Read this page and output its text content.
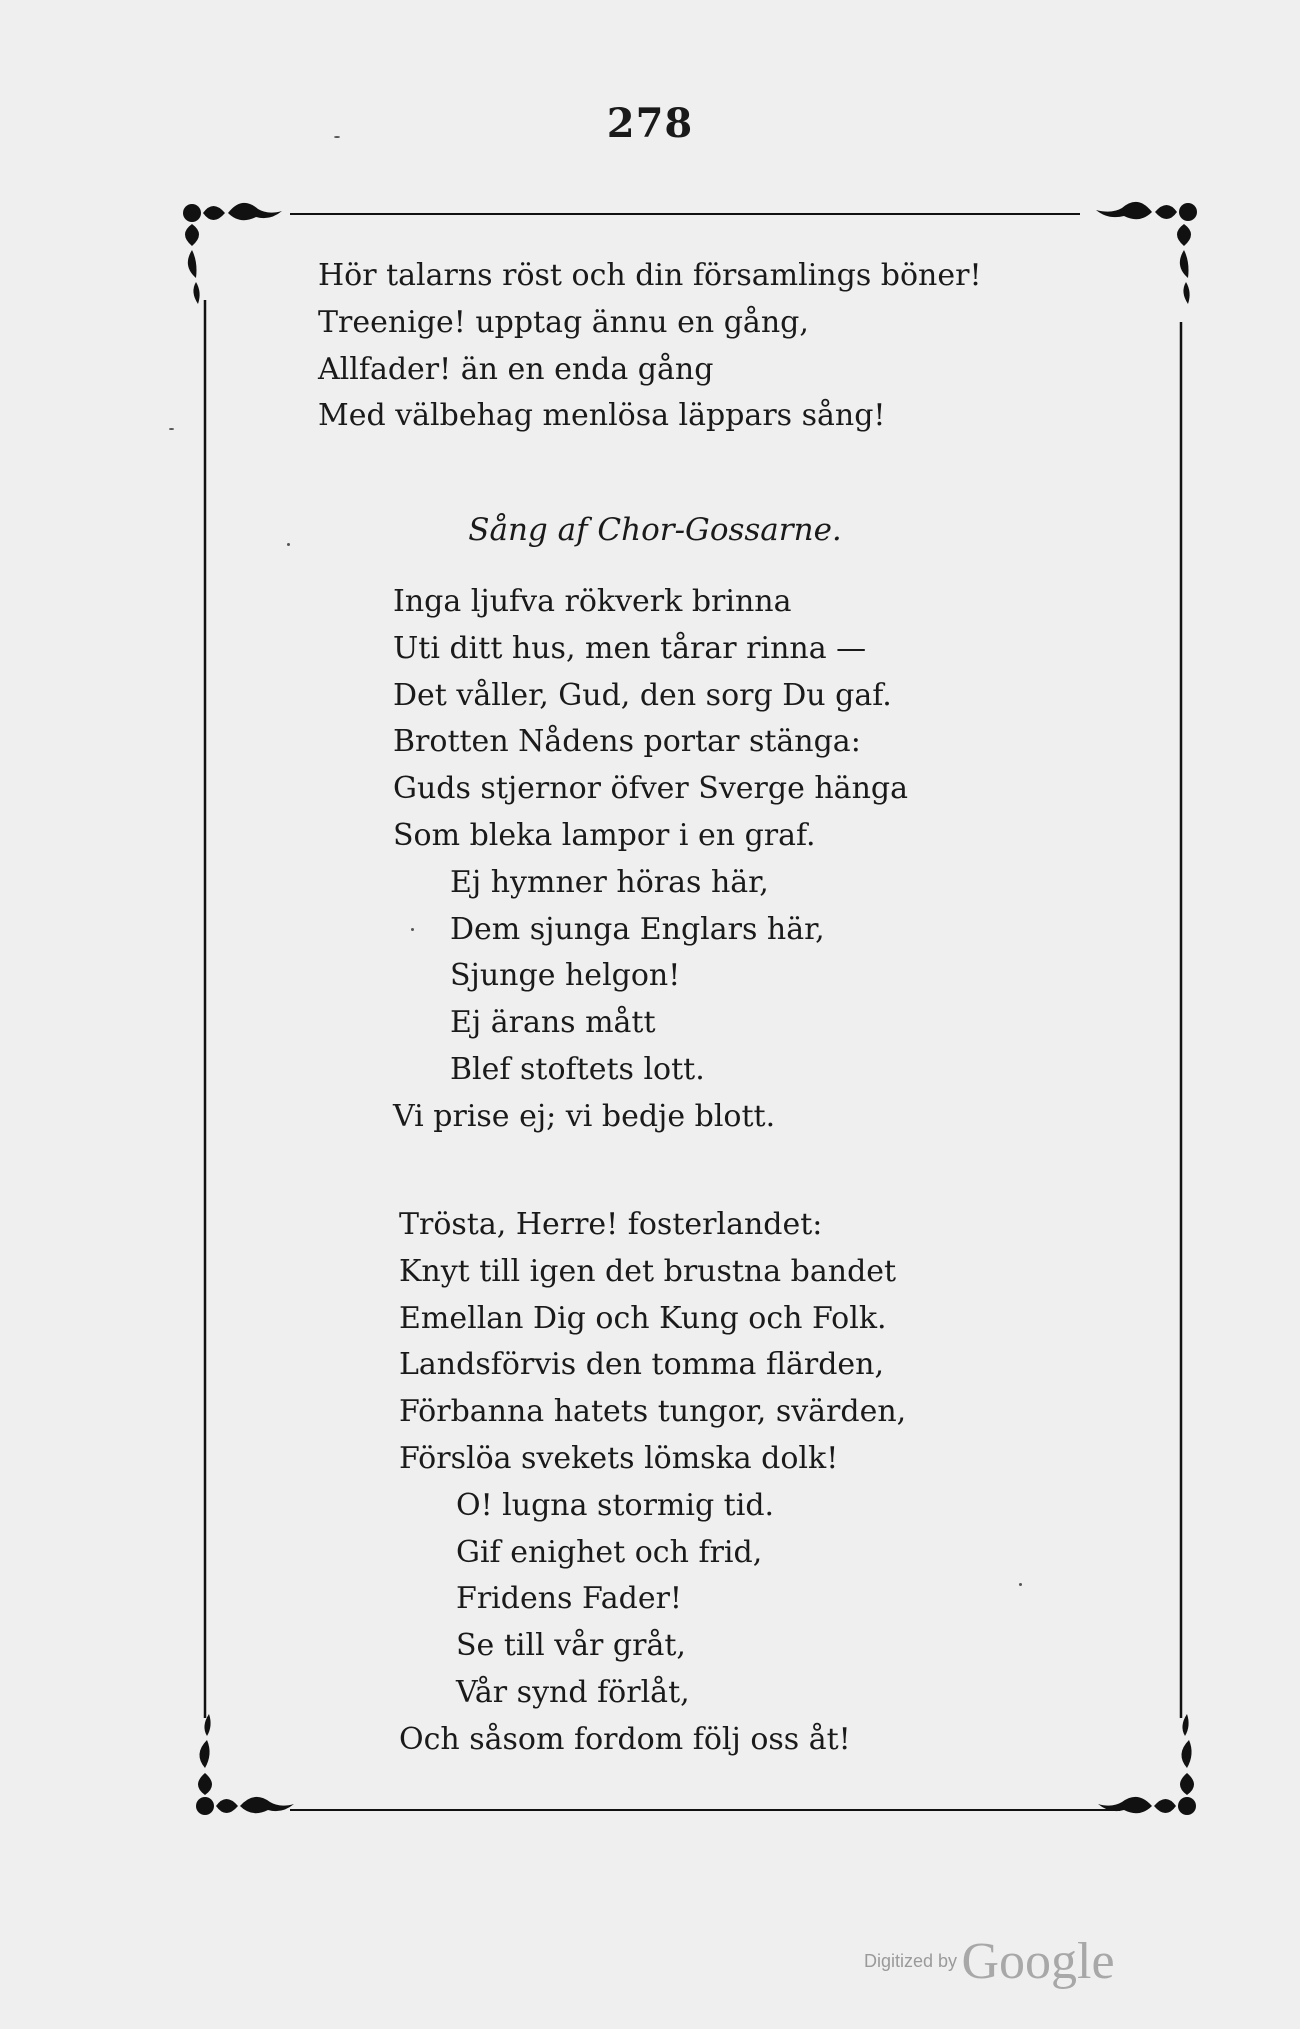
278
Hör talarns röst och din församlings böner!
Treenige! upptag ännu en gång,
Allfader! än en enda gång
Med välbehag menlösa läppars sång!
Sång af Chor-Gossarne.
Inga ljufva rökverk brinna
Uti ditt hus, men tårar rinna —
Det våller, Gud, den sorg Du gaf.
Brotten Nådens portar stänga:
Guds stjernor öfver Sverge hänga
Som bleka lampor i en graf.
Ej hymner höras här,
Dem sjunga Englars här,
Sjunge helgon!
Ej ärans mått
Blef stoftets lott.
Vi prise ej; vi bedje blott.
Trösta, Herre! fosterlandet:
Knyt till igen det brustna bandet
Emellan Dig och Kung och Folk.
Landsförvis den tomma flärden,
Förbanna hatets tungor, svärden,
Förslöa svekets lömska dolk!
O! lugna stormig tid.
Gif enighet och frid,
Fridens Fader!
Se till vår gråt,
Vår synd förlåt,
Och såsom fordom följ oss åt!
Digitized by Google
